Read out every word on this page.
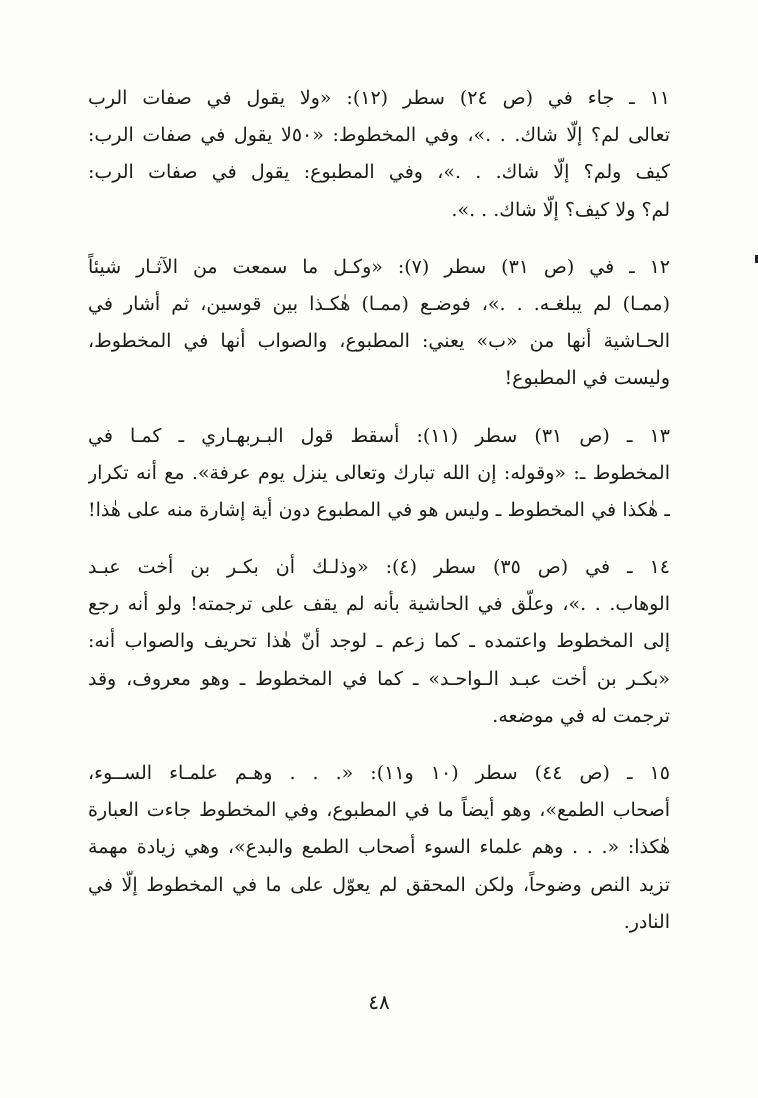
١١ ـ جاء في (ص ٢٤) سطر (١٢): «ولا يقول في صفات الرب
تعالى لم؟ إلّا شاك. . .»، وفي المخطوط: «٥٠لا يقول في صفات الرب:
كيف ولم؟ إلّا شاك. . .»، وفي المطبوع: يقول في صفات الرب:
لم؟ ولا كيف؟ إلّا شاك. . .».
١٢ ـ في (ص ٣١) سطر (٧): «وكـل ما سمعت من الآثـار شيئاً
(ممـا) لم يبلغـه. . .»، فوضـع (ممـا) هٰكـذا بين قوسين، ثم أشار في
الحـاشية أنها من «ب» يعني: المطبوع، والصواب أنها في المخطوط،
وليست في المطبوع!
١٣ ـ (ص ٣١) سطر (١١): أسقط قول البـربهـاري ـ كمـا في
المخطوط ـ: «وقوله: إن الله تبارك وتعالى ينزل يوم عرفة». مع أنه تكرار
ـ هٰكذا في المخطوط ـ وليس هو في المطبوع دون أية إشارة منه على هٰذا!
١٤ ـ في (ص ٣٥) سطر (٤): «وذلـك أن بكـر بن أخت عبـد
الوهاب. . .»، وعلّق في الحاشية بأنه لم يقف على ترجمته! ولو أنه رجع
إلى المخطوط واعتمده ـ كما زعم ـ لوجد أنّ هٰذا تحريف والصواب أنه:
«بكـر بن أخت عبـد الـواحـد» ـ كما في المخطوط ـ وهو معروف، وقد
ترجمت له في موضعه.
١٥ ـ (ص ٤٤) سطر (١٠ و١١): «. . . وهـم علمـاء الســوء،
أصحاب الطمع»، وهو أيضاً ما في المطبوع، وفي المخطوط جاءت العبارة
هٰكذا: «. . . وهم علماء السوء أصحاب الطمع والبدع»، وهي زيادة مهمة
تزيد النص وضوحاً، ولكن المحقق لم يعوّل على ما في المخطوط إلّا في
النادر.
٤٨
